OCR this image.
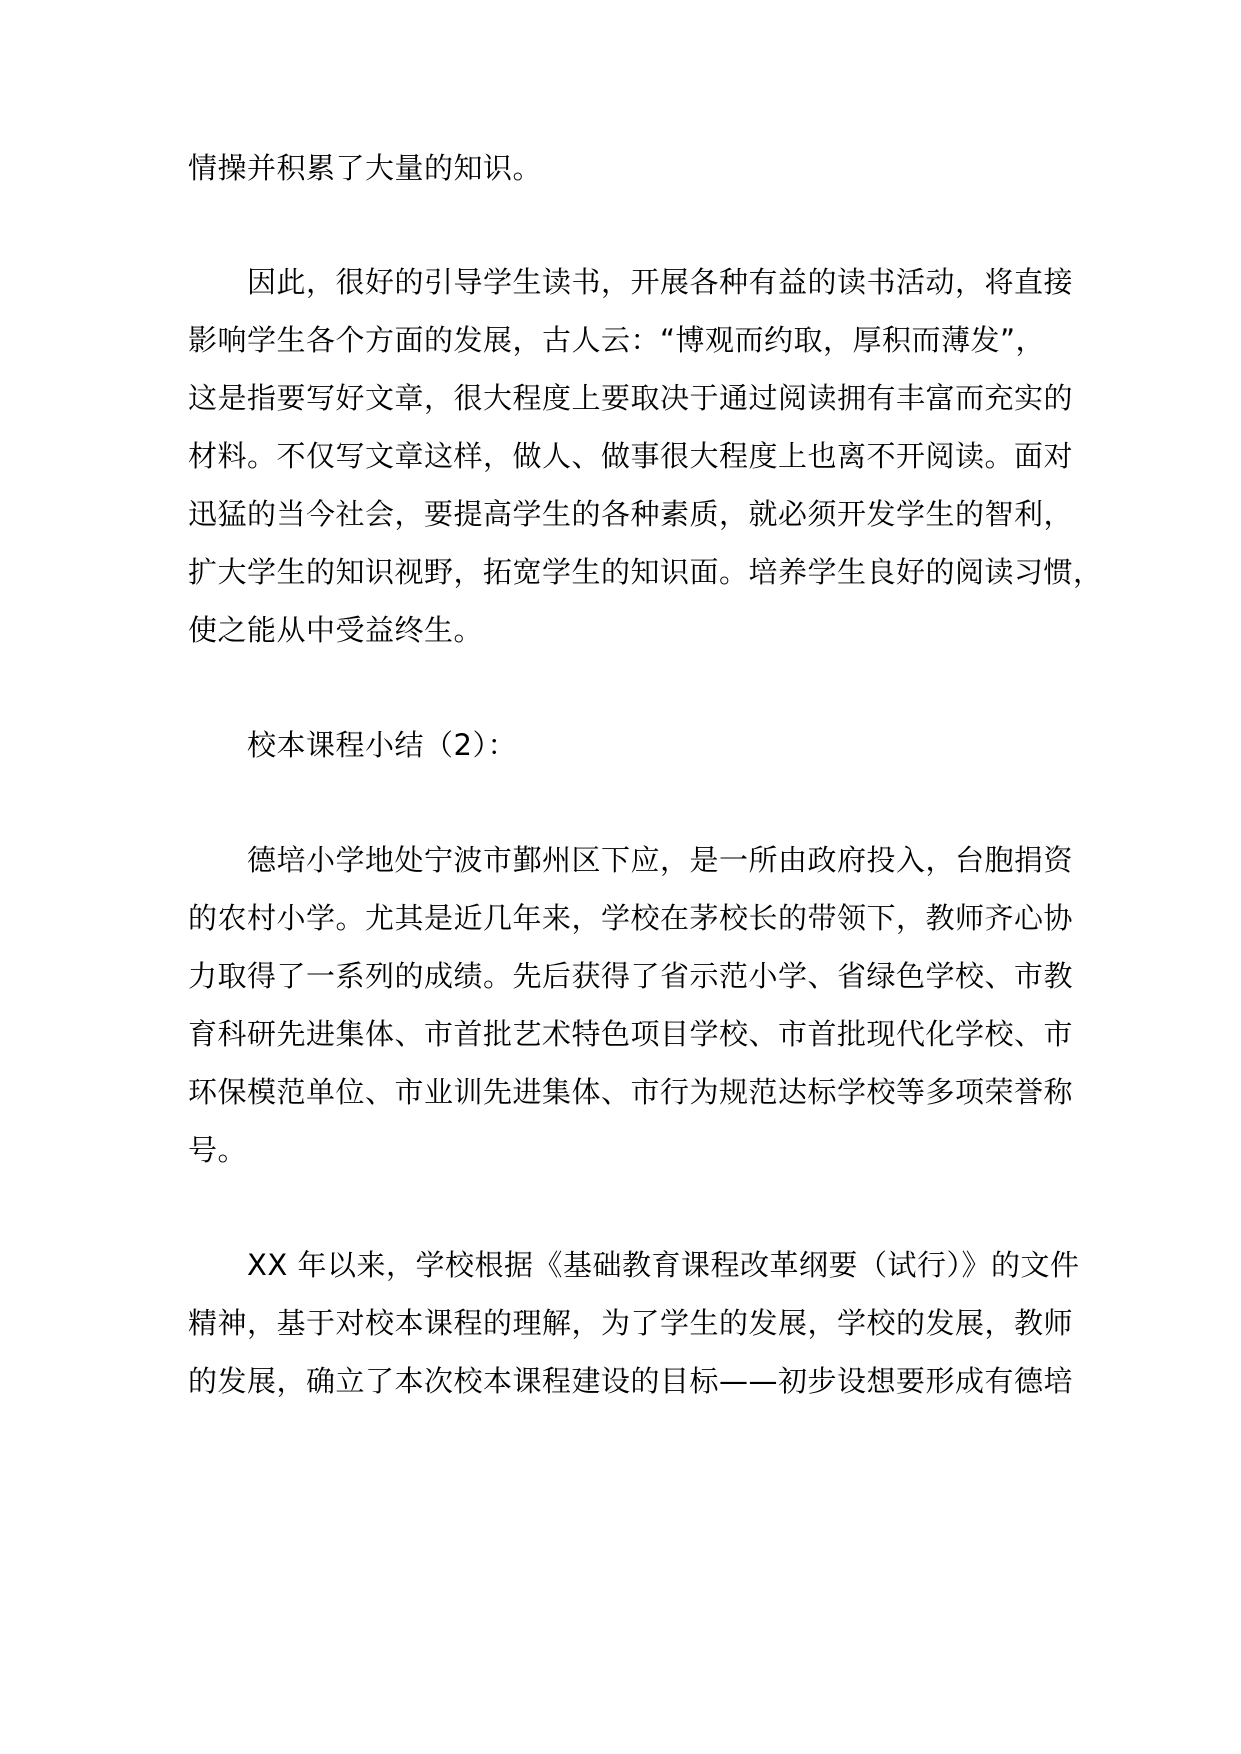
情操并积累了大量的知识。

因此，很好的引导学生读书，开展各种有益的读书活动，将直接

影响学生各个方面的发展，古人云：“博观而约取，厚积而薄发”，

这是指要写好文章，很大程度上要取决于通过阅读拥有丰富而充实的

材料。不仅写文章这样，做人、做事很大程度上也离不开阅读。面对

迅猛的当今社会，要提高学生的各种素质，就必须开发学生的智利，

扩大学生的知识视野，拓宽学生的知识面。培养学生良好的阅读习惯，

使之能从中受益终生。

校本课程小结（2）：

德培小学地处宁波市鄞州区下应，是一所由政府投入，台胞捐资

的农村小学。尤其是近几年来，学校在茅校长的带领下，教师齐心协

力取得了一系列的成绩。先后获得了省示范小学、省绿色学校、市教

育科研先进集体、市首批艺术特色项目学校、市首批现代化学校、市

环保模范单位、市业训先进集体、市行为规范达标学校等多项荣誉称

号。

XX 年以来，学校根据《基础教育课程改革纲要（试行）》的文件

精神，基于对校本课程的理解，为了学生的发展，学校的发展，教师

的发展，确立了本次校本课程建设的目标——初步设想要形成有德培
